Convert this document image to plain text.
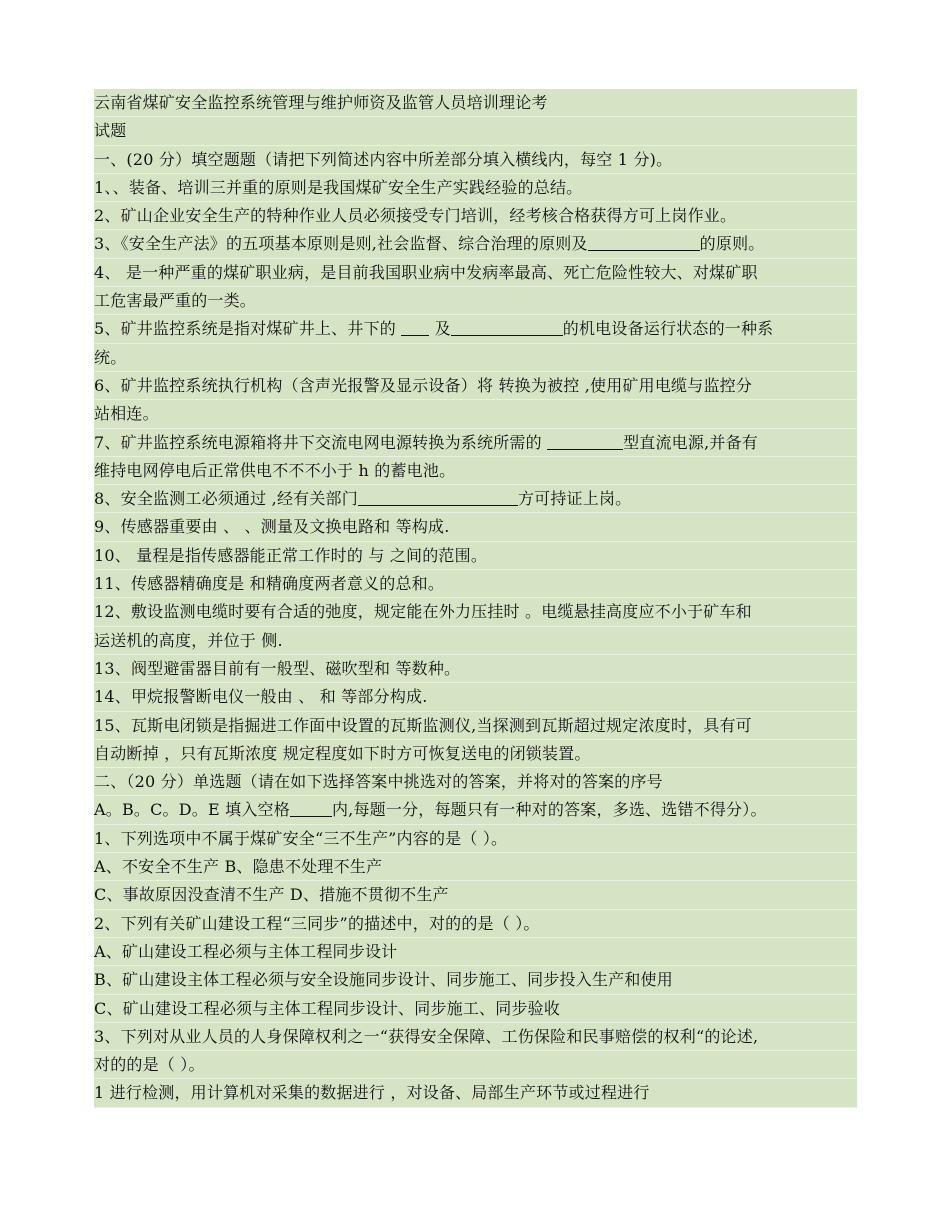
云南省煤矿安全监控系统管理与维护师资及监管人员培训理论考
试题
一、(20 分）填空题题（请把下列简述内容中所差部分填入横线内，每空 1 分)。
1、、装备、培训三并重的原则是我国煤矿安全生产实践经验的总结。
2、矿山企业安全生产的特种作业人员必须接受专门培训，经考核合格获得方可上岗作业。
3、《安全生产法》的五项基本原则是则,社会监督、综合治理的原则及	的原则。
4、 是一种严重的煤矿职业病，是目前我国职业病中发病率最高、死亡危险性较大、对煤矿职
工危害最严重的一类。
5、矿井监控系统是指对煤矿井上、井下的  及	的机电设备运行状态的一种系
统。
6、矿井监控系统执行机构（含声光报警及显示设备）将 转换为被控 ,使用矿用电缆与监控分
站相连。
7、矿井监控系统电源箱将井下交流电网电源转换为系统所需的	型直流电源,并备有
维持电网停电后正常供电不不不小于 h 的蓄电池。
8、安全监测工必须通过 ,经有关部门	方可持证上岗。
9、传感器重要由 、 、测量及文换电路和 等构成.
10、 量程是指传感器能正常工作时的 与 之间的范围。
11、传感器精确度是 和精确度两者意义的总和。
12、敷设监测电缆时要有合适的弛度，规定能在外力压挂时 。电缆悬挂高度应不小于矿车和
运送机的高度，并位于 侧.
13、阀型避雷器目前有一般型、磁吹型和 等数种。
14、甲烷报警断电仪一般由 、 和 等部分构成.
15、瓦斯电闭锁是指掘进工作面中设置的瓦斯监测仪,当探测到瓦斯超过规定浓度时，具有可
自动断掉 ，只有瓦斯浓度 规定程度如下时方可恢复送电的闭锁装置。
二、（20 分）单选题（请在如下选择答案中挑选对的答案，并将对的答案的序号
A。B。C。D。E 填入空格	内,每题一分，每题只有一种对的答案，多选、选错不得分）。
1、下列选项中不属于煤矿安全“三不生产”内容的是（ ）。
A、不安全不生产 B、隐患不处理不生产
C、事故原因没查清不生产 D、措施不贯彻不生产
2、下列有关矿山建设工程“三同步”的描述中，对的的是（ ）。
A、矿山建设工程必须与主体工程同步设计
B、矿山建设主体工程必须与安全设施同步设计、同步施工、同步投入生产和使用
C、矿山建设工程必须与主体工程同步设计、同步施工、同步验收
3、下列对从业人员的人身保障权利之一“获得安全保障、工伤保险和民事赔偿的权利“的论述,
对的的是（ ）。
1 进行检测，用计算机对采集的数据进行 ，对设备、局部生产环节或过程进行
